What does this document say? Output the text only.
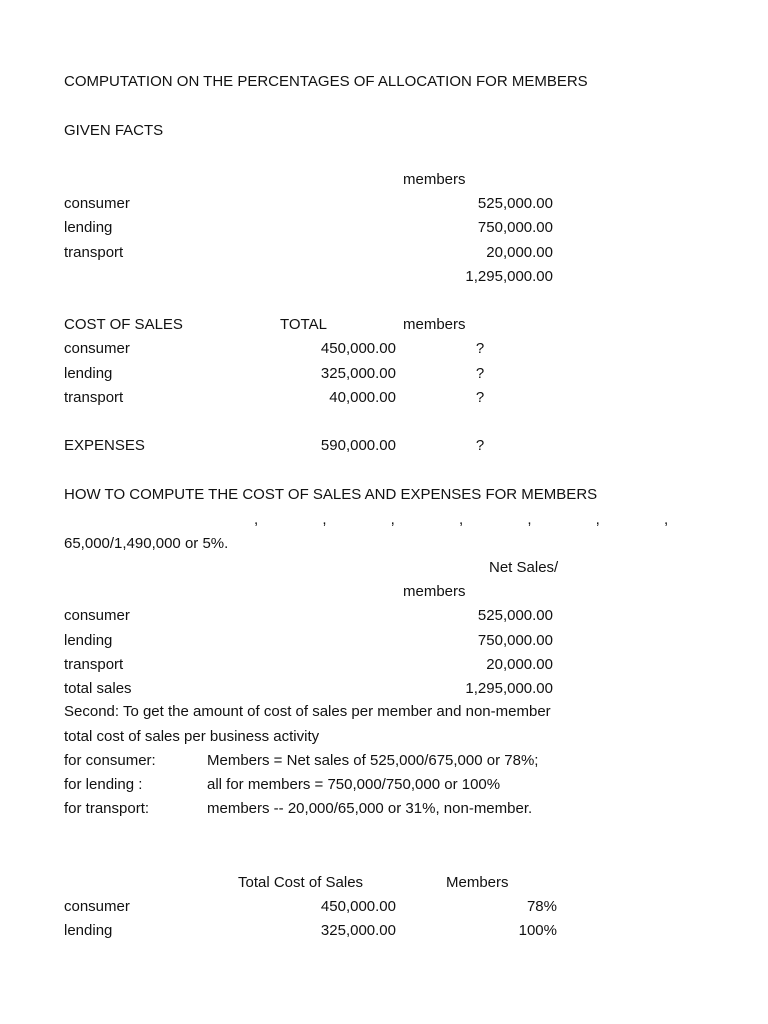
COMPUTATION ON THE PERCENTAGES OF ALLOCATION FOR MEMBERS
GIVEN FACTS
members
consumer	525,000.00
lending	750,000.00
transport	20,000.00
1,295,000.00
COST OF SALES	TOTAL	members
consumer	450,000.00	?
lending	325,000.00	?
transport	40,000.00	?
EXPENSES	590,000.00	?
HOW TO COMPUTE THE COST OF SALES AND EXPENSES FOR MEMBERS
, , , , , , ,
65,000/1,490,000 or 5%.
Net Sales/
members
consumer	525,000.00
lending	750,000.00
transport	20,000.00
total sales	1,295,000.00
Second: To get the amount of cost of sales per member and non-member
total cost of sales per business activity
for consumer:	Members = Net sales of 525,000/675,000 or 78%;
for lending :	all for members = 750,000/750,000 or 100%
for transport:	members -- 20,000/65,000 or 31%, non-member.
Total Cost of Sales	Members
consumer	450,000.00	78%
lending	325,000.00	100%
